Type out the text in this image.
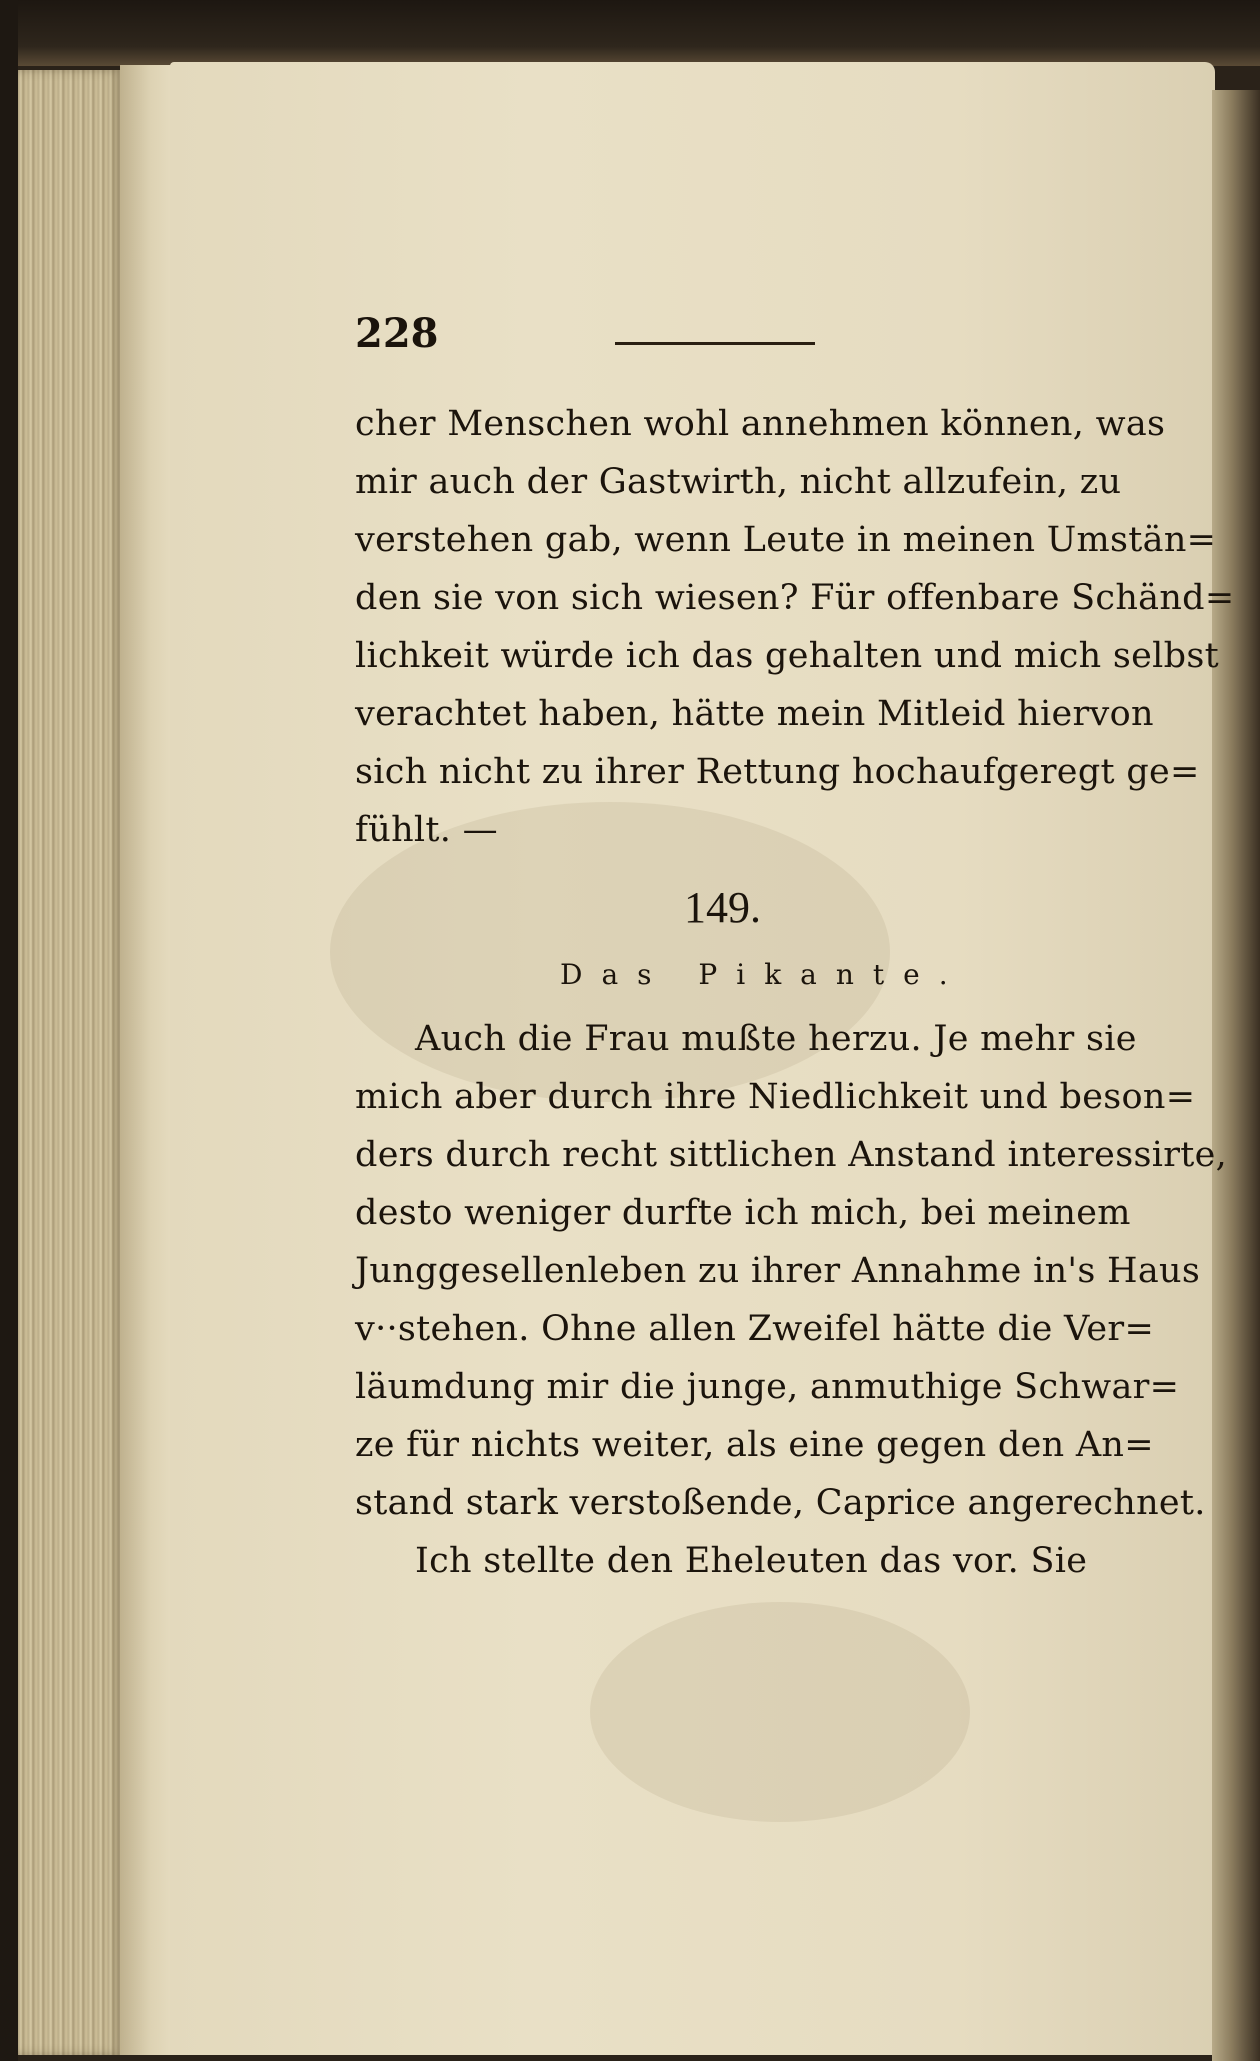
228
cher Menschen wohl annehmen können, was
mir auch der Gastwirth, nicht allzufein, zu
verstehen gab, wenn Leute in meinen Umstän=
den sie von sich wiesen? Für offenbare Schänd=
lichkeit würde ich das gehalten und mich selbst
verachtet haben, hätte mein Mitleid hiervon
sich nicht zu ihrer Rettung hochaufgeregt ge=
fühlt. —
149.
Das Pikante.
Auch die Frau mußte herzu. Je mehr sie
mich aber durch ihre Niedlichkeit und beson=
ders durch recht sittlichen Anstand interessirte,
desto weniger durfte ich mich, bei meinem
Junggesellenleben zu ihrer Annahme in's Haus
v··stehen. Ohne allen Zweifel hätte die Ver=
läumdung mir die junge, anmuthige Schwar=
ze für nichts weiter, als eine gegen den An=
stand stark verstoßende, Caprice angerechnet.
Ich stellte den Eheleuten das vor. Sie
